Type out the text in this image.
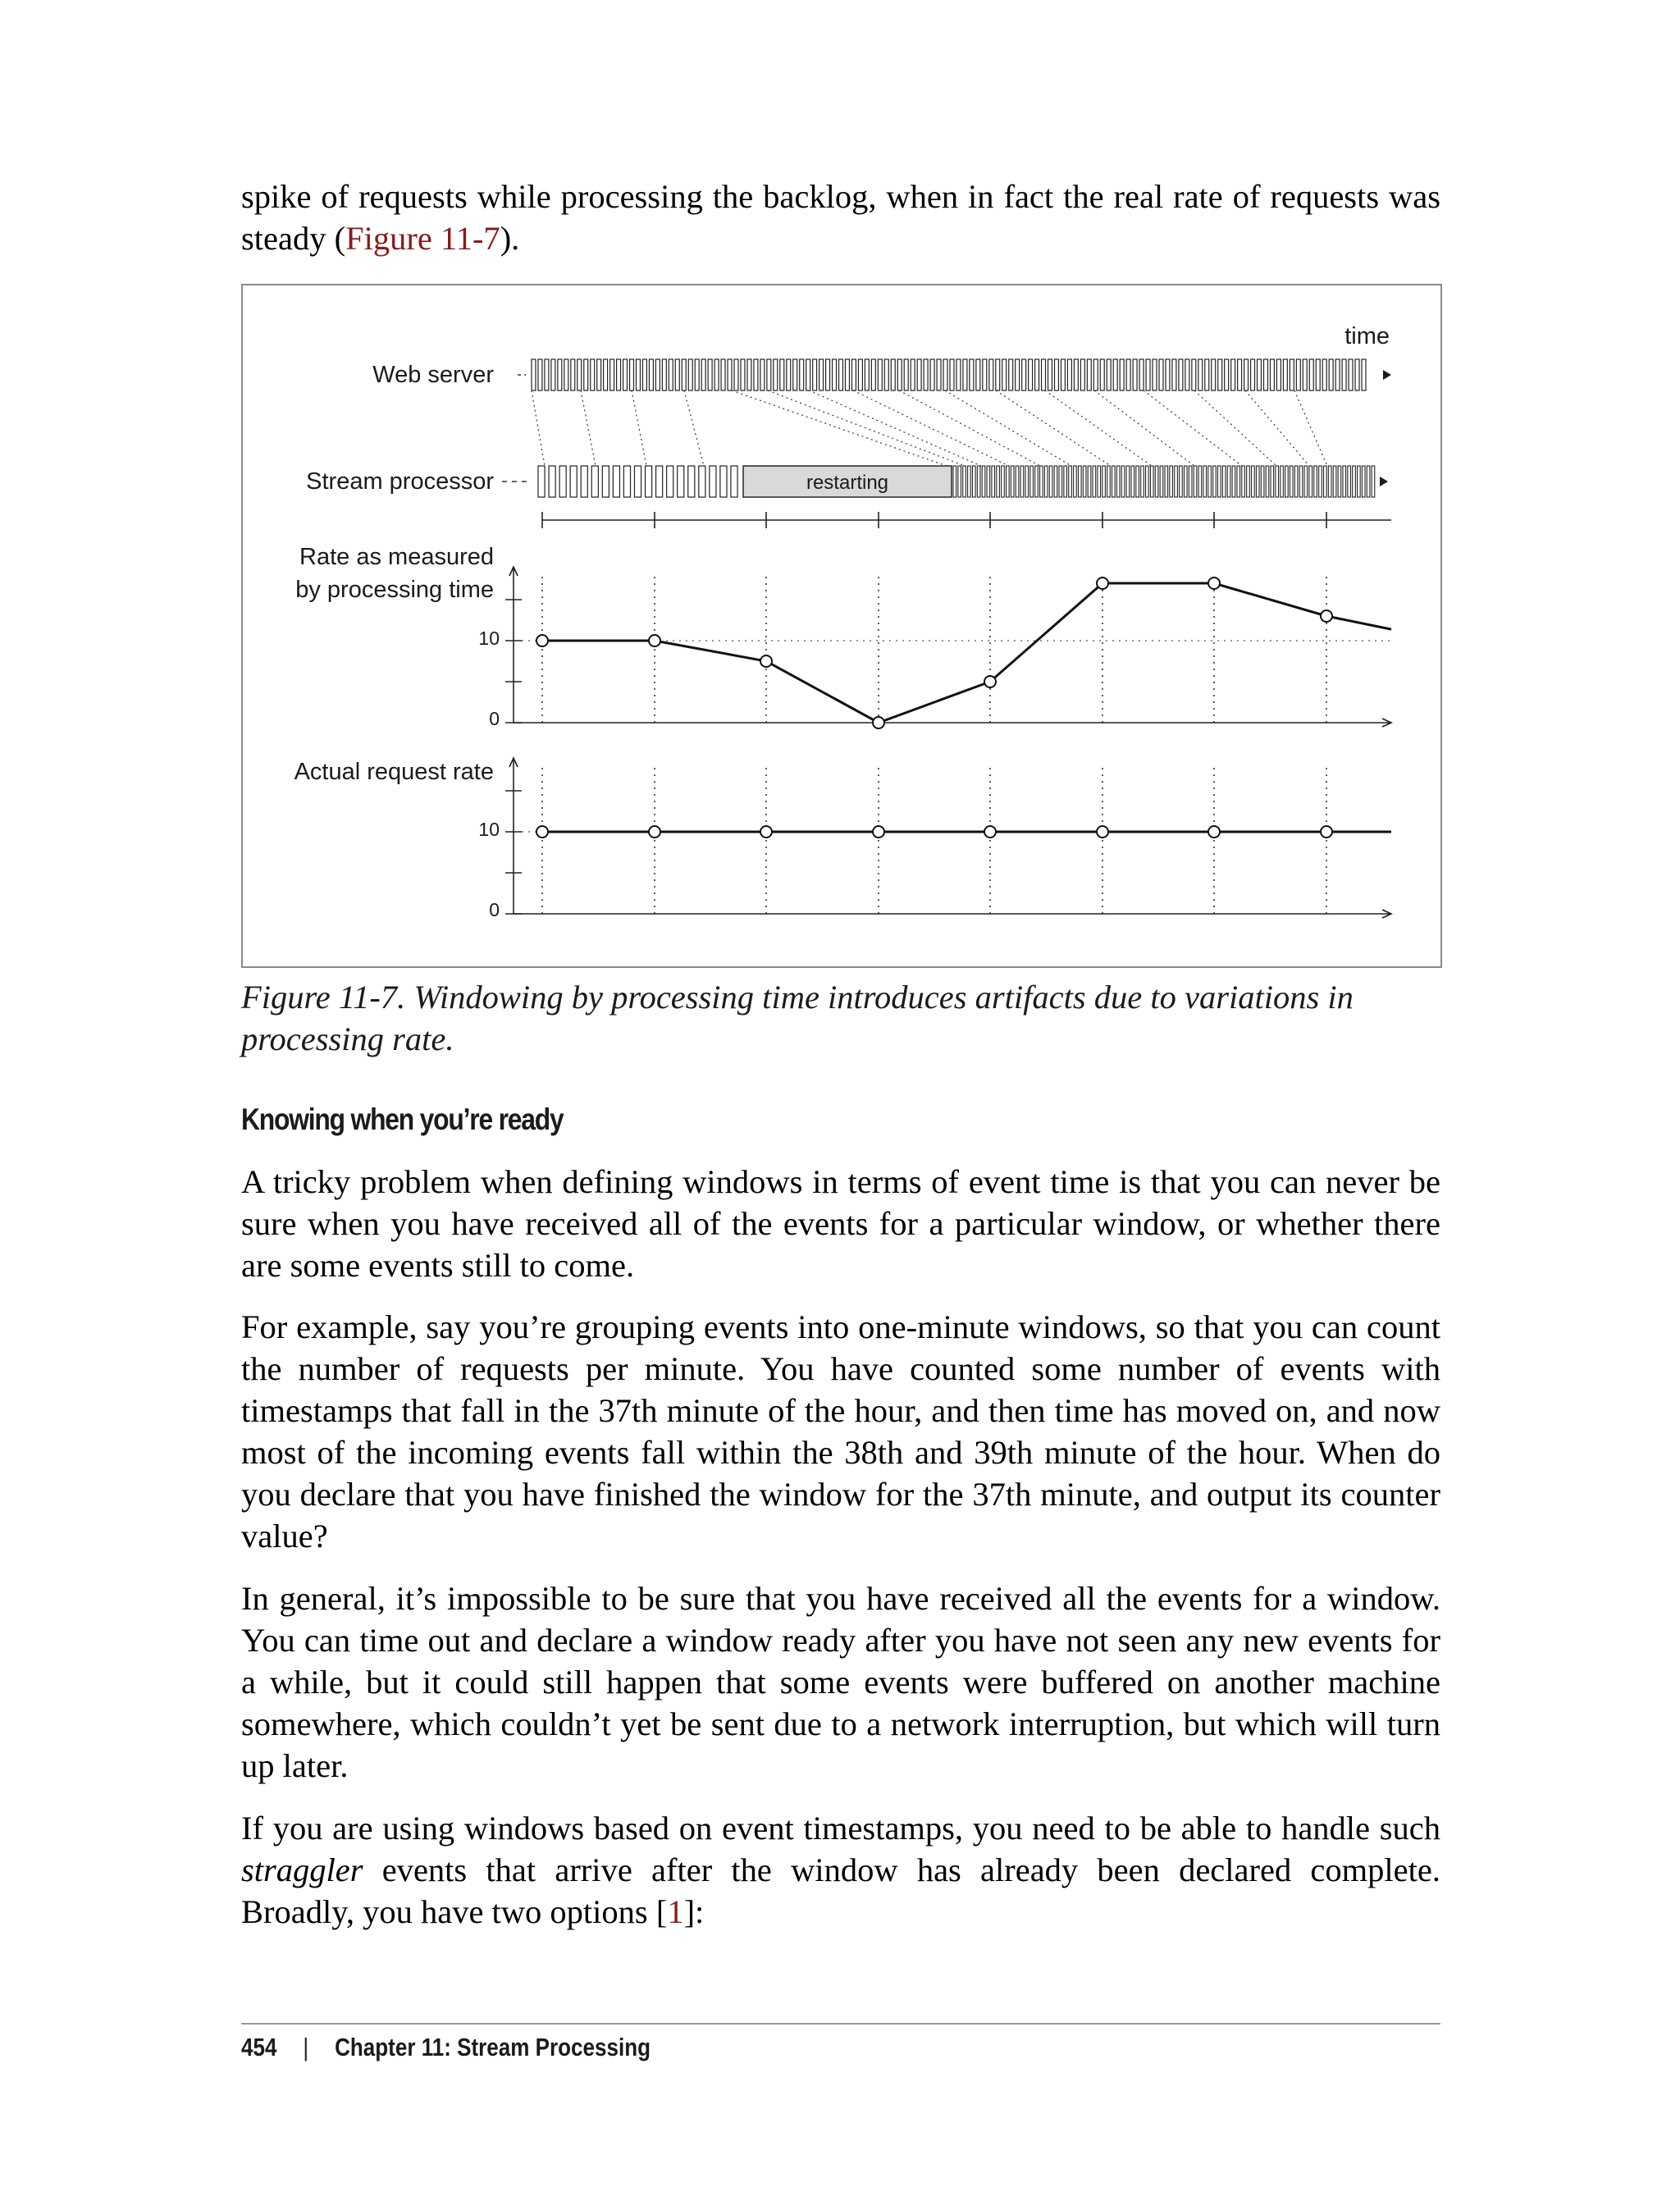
spike of requests while processing the backlog, when in fact the real rate of requests was steady (Figure 11-7).

time
Web server
Stream processor
Rate as measured
by processing time
Actual request rate
10
0
10
0
restarting

Figure 11-7. Windowing by processing time introduces artifacts due to variations in processing rate.

Knowing when you’re ready

A tricky problem when defining windows in terms of event time is that you can never be sure when you have received all of the events for a particular window, or whether there are some events still to come.

For example, say you’re grouping events into one-minute windows, so that you can count the number of requests per minute. You have counted some number of events with timestamps that fall in the 37th minute of the hour, and then time has moved on, and now most of the incoming events fall within the 38th and 39th minute of the hour. When do you declare that you have finished the window for the 37th minute, and output its counter value?

In general, it’s impossible to be sure that you have received all the events for a window. You can time out and declare a window ready after you have not seen any new events for a while, but it could still happen that some events were buffered on another machine somewhere, which couldn’t yet be sent due to a network interruption, but which will turn up later.

If you are using windows based on event timestamps, you need to be able to handle such straggler events that arrive after the window has already been declared complete. Broadly, you have two options [1]:

454 | Chapter 11: Stream Processing
